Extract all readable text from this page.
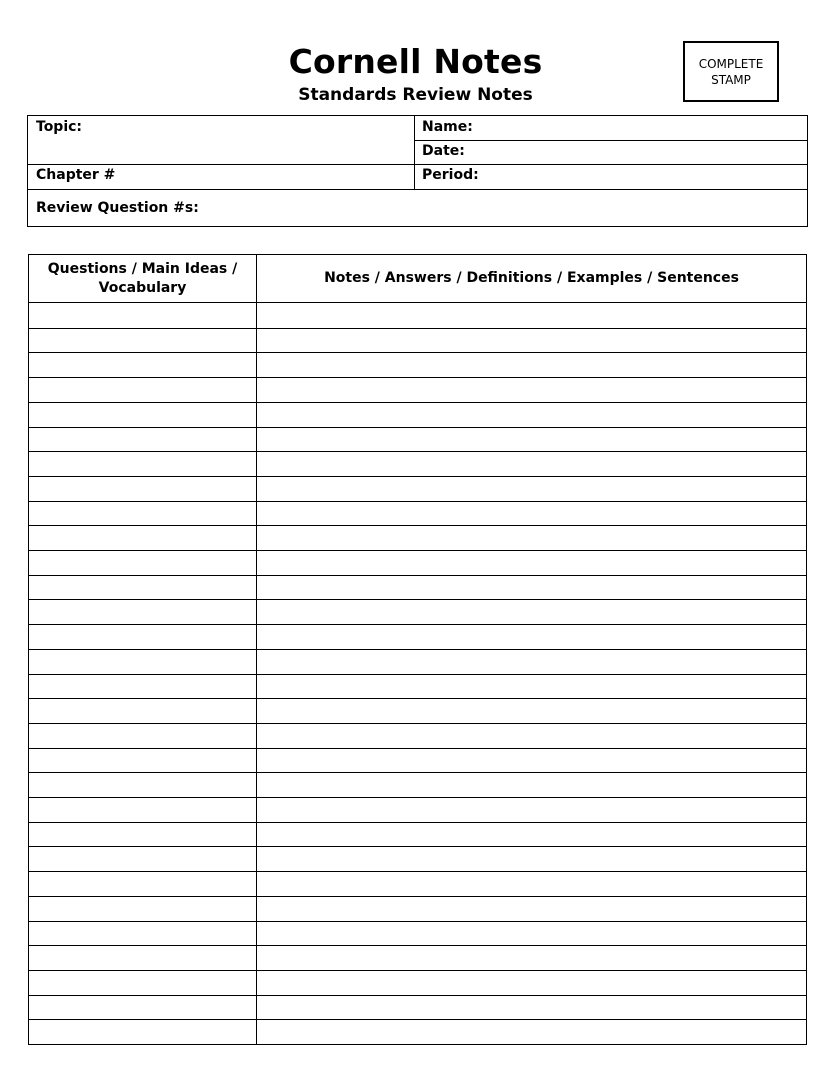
Cornell Notes
Standards Review Notes
COMPLETE
STAMP
Topic:	Name:
Date:
Chapter #	Period:
Review Question #s:
Questions / Main Ideas / Vocabulary
Notes / Answers / Definitions / Examples / Sentences
